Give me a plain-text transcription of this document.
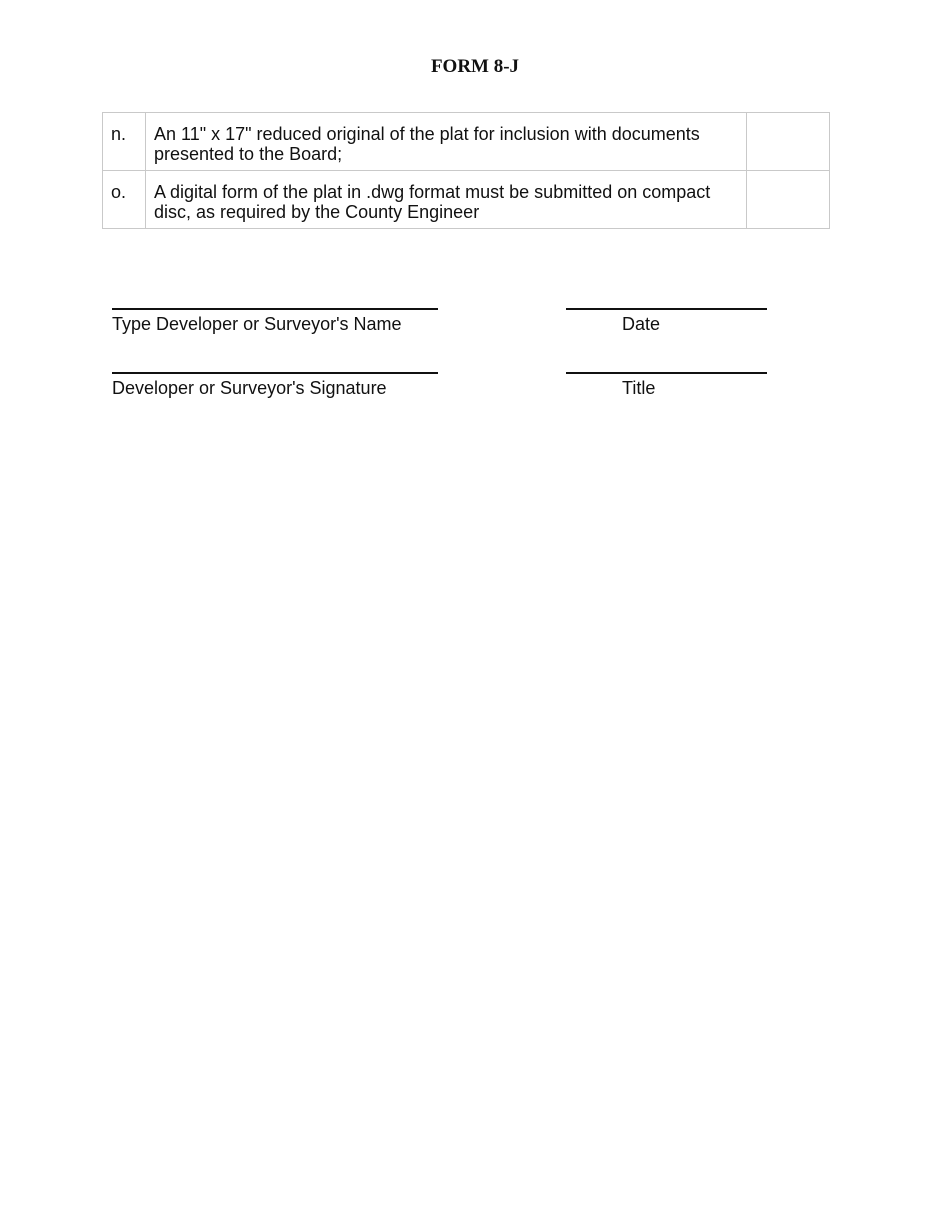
FORM 8-J
n.	An 11" x 17" reduced original of the plat for inclusion with documents presented to the Board;	
o.	A digital form of the plat in .dwg format must be submitted on compact disc, as required by the County Engineer	
Type Developer or Surveyor's Name	Date
Developer or Surveyor's Signature	Title
